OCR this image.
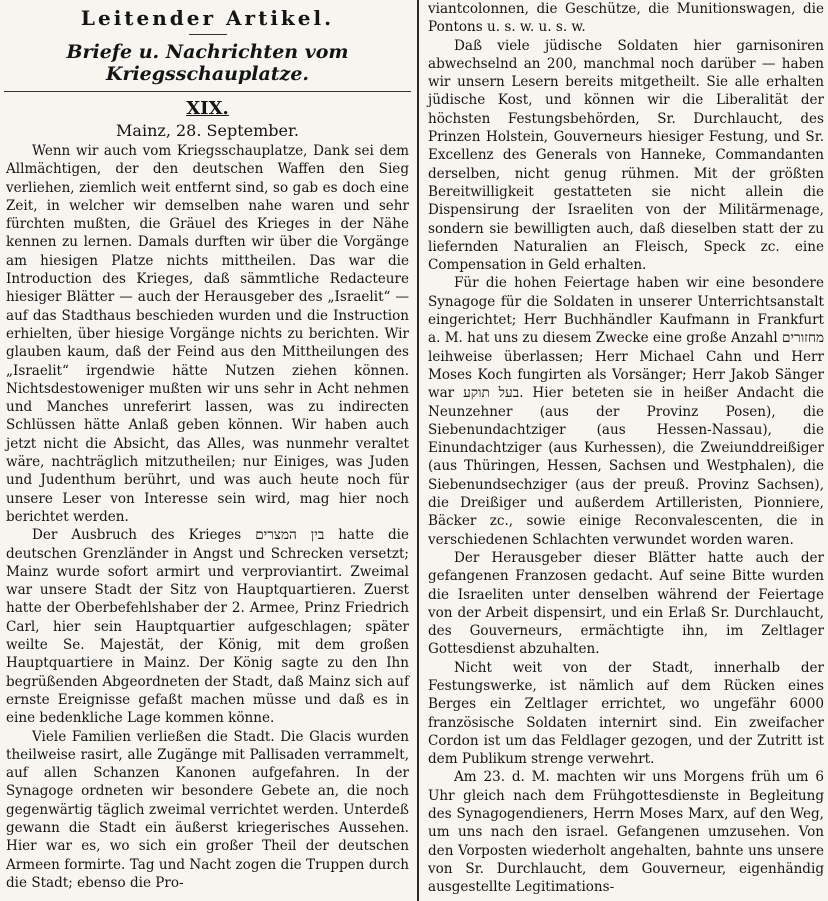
Leitender Artikel.
Briefe u. Nachrichten vom Kriegsschauplatze.
XIX.
Mainz, 28. September.

Wenn wir auch vom Kriegsschauplatze, Dank sei dem Allmächtigen, der den deutschen Waffen den Sieg verliehen, ziemlich weit entfernt sind, so gab es doch eine Zeit, in welcher wir demselben nahe waren und sehr fürchten mußten, die Gräuel des Krieges in der Nähe kennen zu lernen. Damals durften wir über die Vorgänge am hiesigen Platze nichts mittheilen. Das war die Introduction des Krieges, daß sämmtliche Redacteure hiesiger Blätter — auch der Herausgeber des „Israelit“ — auf das Stadthaus beschieden wurden und die Instruction erhielten, über hiesige Vorgänge nichts zu berichten. Wir glauben kaum, daß der Feind aus den Mittheilungen des „Israelit“ irgendwie hätte Nutzen ziehen können. Nichtsdestoweniger mußten wir uns sehr in Acht nehmen und Manches unreferirt lassen, was zu indirecten Schlüssen hätte Anlaß geben können. Wir haben auch jetzt nicht die Absicht, das Alles, was nunmehr veraltet wäre, nachträglich mitzutheilen; nur Einiges, was Juden und Judenthum berührt, und was auch heute noch für unsere Leser von Interesse sein wird, mag hier noch berichtet werden.

Der Ausbruch des Krieges בין המצרים hatte die deutschen Grenzländer in Angst und Schrecken versetzt; Mainz wurde sofort armirt und verproviantirt. Zweimal war unsere Stadt der Sitz von Hauptquartieren. Zuerst hatte der Oberbefehlshaber der 2. Armee, Prinz Friedrich Carl, hier sein Hauptquartier aufgeschlagen; später weilte Se. Majestät, der König, mit dem großen Hauptquartiere in Mainz. Der König sagte zu den Ihn begrüßenden Abgeordneten der Stadt, daß Mainz sich auf ernste Ereignisse gefaßt machen müsse und daß es in eine bedenkliche Lage kommen könne.

Viele Familien verließen die Stadt. Die Glacis wurden theilweise rasirt, alle Zugänge mit Pallisaden verrammelt, auf allen Schanzen Kanonen aufgefahren. In der Synagoge ordneten wir besondere Gebete an, die noch gegenwärtig täglich zweimal verrichtet werden. Unterdeß gewann die Stadt ein äußerst kriegerisches Aussehen. Hier war es, wo sich ein großer Theil der deutschen Armeen formirte. Tag und Nacht zogen die Truppen durch die Stadt; ebenso die Pro-

viantcolonnen, die Geschütze, die Munitionswagen, die Pontons u. s. w. u. s. w.

Daß viele jüdische Soldaten hier garnisoniren abwechselnd an 200, manchmal noch darüber — haben wir unsern Lesern bereits mitgetheilt. Sie alle erhalten jüdische Kost, und können wir die Liberalität der höchsten Festungsbehörden, Sr. Durchlaucht, des Prinzen Holstein, Gouverneurs hiesiger Festung, und Sr. Excellenz des Generals von Hanneke, Commandanten derselben, nicht genug rühmen. Mit der größten Bereitwilligkeit gestatteten sie nicht allein die Dispensirung der Israeliten von der Militärmenage, sondern sie bewilligten auch, daß dieselben statt der zu liefernden Naturalien an Fleisch, Speck zc. eine Compensation in Geld erhalten.

Für die hohen Feiertage haben wir eine besondere Synagoge für die Soldaten in unserer Unterrichtsanstalt eingerichtet; Herr Buchhändler Kaufmann in Frankfurt a. M. hat uns zu diesem Zwecke eine große Anzahl מחזורים leihweise überlassen; Herr Michael Cahn und Herr Moses Koch fungirten als Vorsänger; Herr Jakob Sänger war בעל תוקע. Hier beteten sie in heißer Andacht die Neunzehner (aus der Provinz Posen), die Siebenundachtziger (aus Hessen-Nassau), die Einundachtziger (aus Kurhessen), die Zweiunddreißiger (aus Thüringen, Hessen, Sachsen und Westphalen), die Siebenundsechziger (aus der preuß. Provinz Sachsen), die Dreißiger und außerdem Artilleristen, Pionniere, Bäcker zc., sowie einige Reconvalescenten, die in verschiedenen Schlachten verwundet worden waren.

Der Herausgeber dieser Blätter hatte auch der gefangenen Franzosen gedacht. Auf seine Bitte wurden die Israeliten unter denselben während der Feiertage von der Arbeit dispensirt, und ein Erlaß Sr. Durchlaucht, des Gouverneurs, ermächtigte ihn, im Zeltlager Gottesdienst abzuhalten.

Nicht weit von der Stadt, innerhalb der Festungswerke, ist nämlich auf dem Rücken eines Berges ein Zeltlager errichtet, wo ungefähr 6000 französische Soldaten internirt sind. Ein zweifacher Cordon ist um das Feldlager gezogen, und der Zutritt ist dem Publikum strenge verwehrt.

Am 23. d. M. machten wir uns Morgens früh um 6 Uhr gleich nach dem Frühgottesdienste in Begleitung des Synagogendieners, Herrn Moses Marx, auf den Weg, um uns nach den israel. Gefangenen umzusehen. Von den Vorposten wiederholt angehalten, bahnte uns unsere von Sr. Durchlaucht, dem Gouverneur, eigenhändig ausgestellte Legitimations-
